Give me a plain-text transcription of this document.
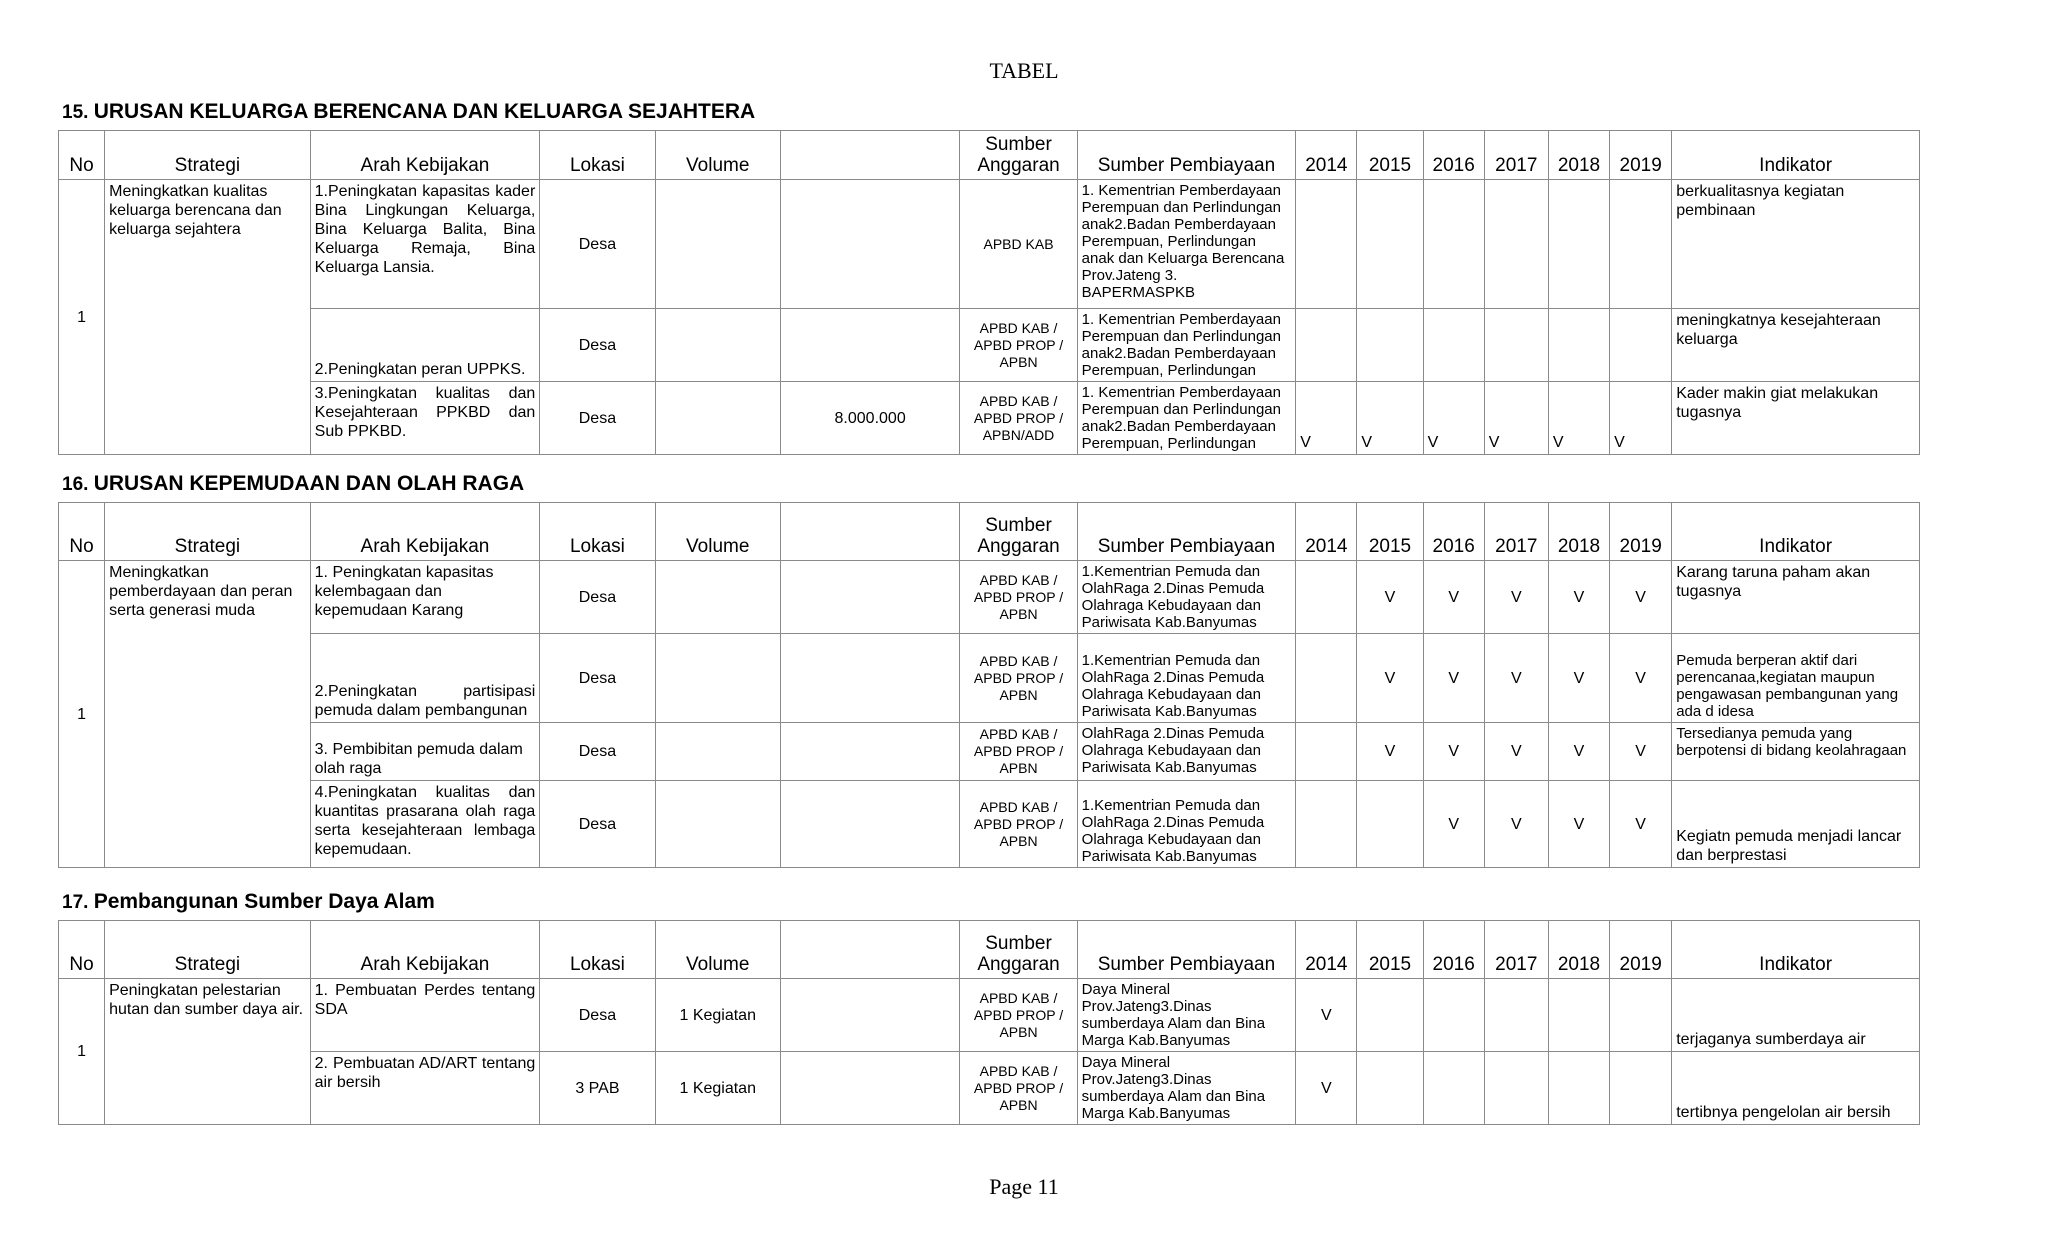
TABEL
15. URUSAN KELUARGA BERENCANA DAN KELUARGA SEJAHTERA
No	Strategi	Arah Kebijakan	Lokasi	Volume		Sumber Anggaran	Sumber Pembiayaan	2014	2015	2016	2017	2018	2019	Indikator
1	Meningkatkan kualitas keluarga berencana dan keluarga sejahtera	1.Peningkatan kapasitas kader Bina Lingkungan Keluarga, Bina Keluarga Balita, Bina Keluarga Remaja, Bina Keluarga Lansia.	Desa			APBD KAB	1. Kementrian Pemberdayaan Perempuan dan Perlindungan anak2.Badan Pemberdayaan Perempuan, Perlindungan anak dan Keluarga Berencana Prov.Jateng 3. BAPERMASPKB							berkualitasnya kegiatan pembinaan
		2.Peningkatan peran UPPKS.	Desa			APBD KAB / APBD PROP / APBN	1. Kementrian Pemberdayaan Perempuan dan Perlindungan anak2.Badan Pemberdayaan Perempuan, Perlindungan							meningkatnya kesejahteraan keluarga
		3.Peningkatan kualitas dan Kesejahteraan PPKBD dan Sub PPKBD.	Desa		8.000.000	APBD KAB / APBD PROP / APBN/ADD	1. Kementrian Pemberdayaan Perempuan dan Perlindungan anak2.Badan Pemberdayaan Perempuan, Perlindungan	V	V	V	V	V	V	Kader makin giat melakukan tugasnya
16. URUSAN KEPEMUDAAN DAN OLAH RAGA
No	Strategi	Arah Kebijakan	Lokasi	Volume		Sumber Anggaran	Sumber Pembiayaan	2014	2015	2016	2017	2018	2019	Indikator
1	Meningkatkan pemberdayaan dan peran serta generasi muda	1. Peningkatan kapasitas kelembagaan dan kepemudaan Karang	Desa			APBD KAB / APBD PROP / APBN	1.Kementrian Pemuda dan OlahRaga 2.Dinas Pemuda Olahraga Kebudayaan dan Pariwisata Kab.Banyumas		V	V	V	V	V	Karang taruna paham akan tugasnya
		2.Peningkatan partisipasi pemuda dalam pembangunan	Desa			APBD KAB / APBD PROP / APBN	1.Kementrian Pemuda dan OlahRaga 2.Dinas Pemuda Olahraga Kebudayaan dan Pariwisata Kab.Banyumas		V	V	V	V	V	Pemuda berperan aktif dari perencanaa,kegiatan maupun pengawasan pembangunan yang ada d idesa
		3. Pembibitan pemuda dalam olah raga	Desa			APBD KAB / APBD PROP / APBN	OlahRaga 2.Dinas Pemuda Olahraga Kebudayaan dan Pariwisata Kab.Banyumas		V	V	V	V	V	Tersedianya pemuda yang berpotensi di bidang keolahragaan
		4.Peningkatan kualitas dan kuantitas prasarana olah raga serta kesejahteraan lembaga kepemudaan.	Desa			APBD KAB / APBD PROP / APBN	1.Kementrian Pemuda dan OlahRaga 2.Dinas Pemuda Olahraga Kebudayaan dan Pariwisata Kab.Banyumas			V	V	V	V	Kegiatn pemuda menjadi lancar dan berprestasi
17. Pembangunan Sumber Daya Alam
No	Strategi	Arah Kebijakan	Lokasi	Volume		Sumber Anggaran	Sumber Pembiayaan	2014	2015	2016	2017	2018	2019	Indikator
1	Peningkatan pelestarian hutan dan sumber daya air.	1. Pembuatan Perdes tentang SDA	Desa	1 Kegiatan		APBD KAB / APBD PROP / APBN	Daya Mineral Prov.Jateng3.Dinas sumberdaya Alam dan Bina Marga Kab.Banyumas	V						terjaganya sumberdaya air
		2. Pembuatan AD/ART tentang air bersih	3 PAB	1 Kegiatan		APBD KAB / APBD PROP / APBN	Daya Mineral Prov.Jateng3.Dinas sumberdaya Alam dan Bina Marga Kab.Banyumas	V						tertibnya pengelolan air bersih
Page 11
